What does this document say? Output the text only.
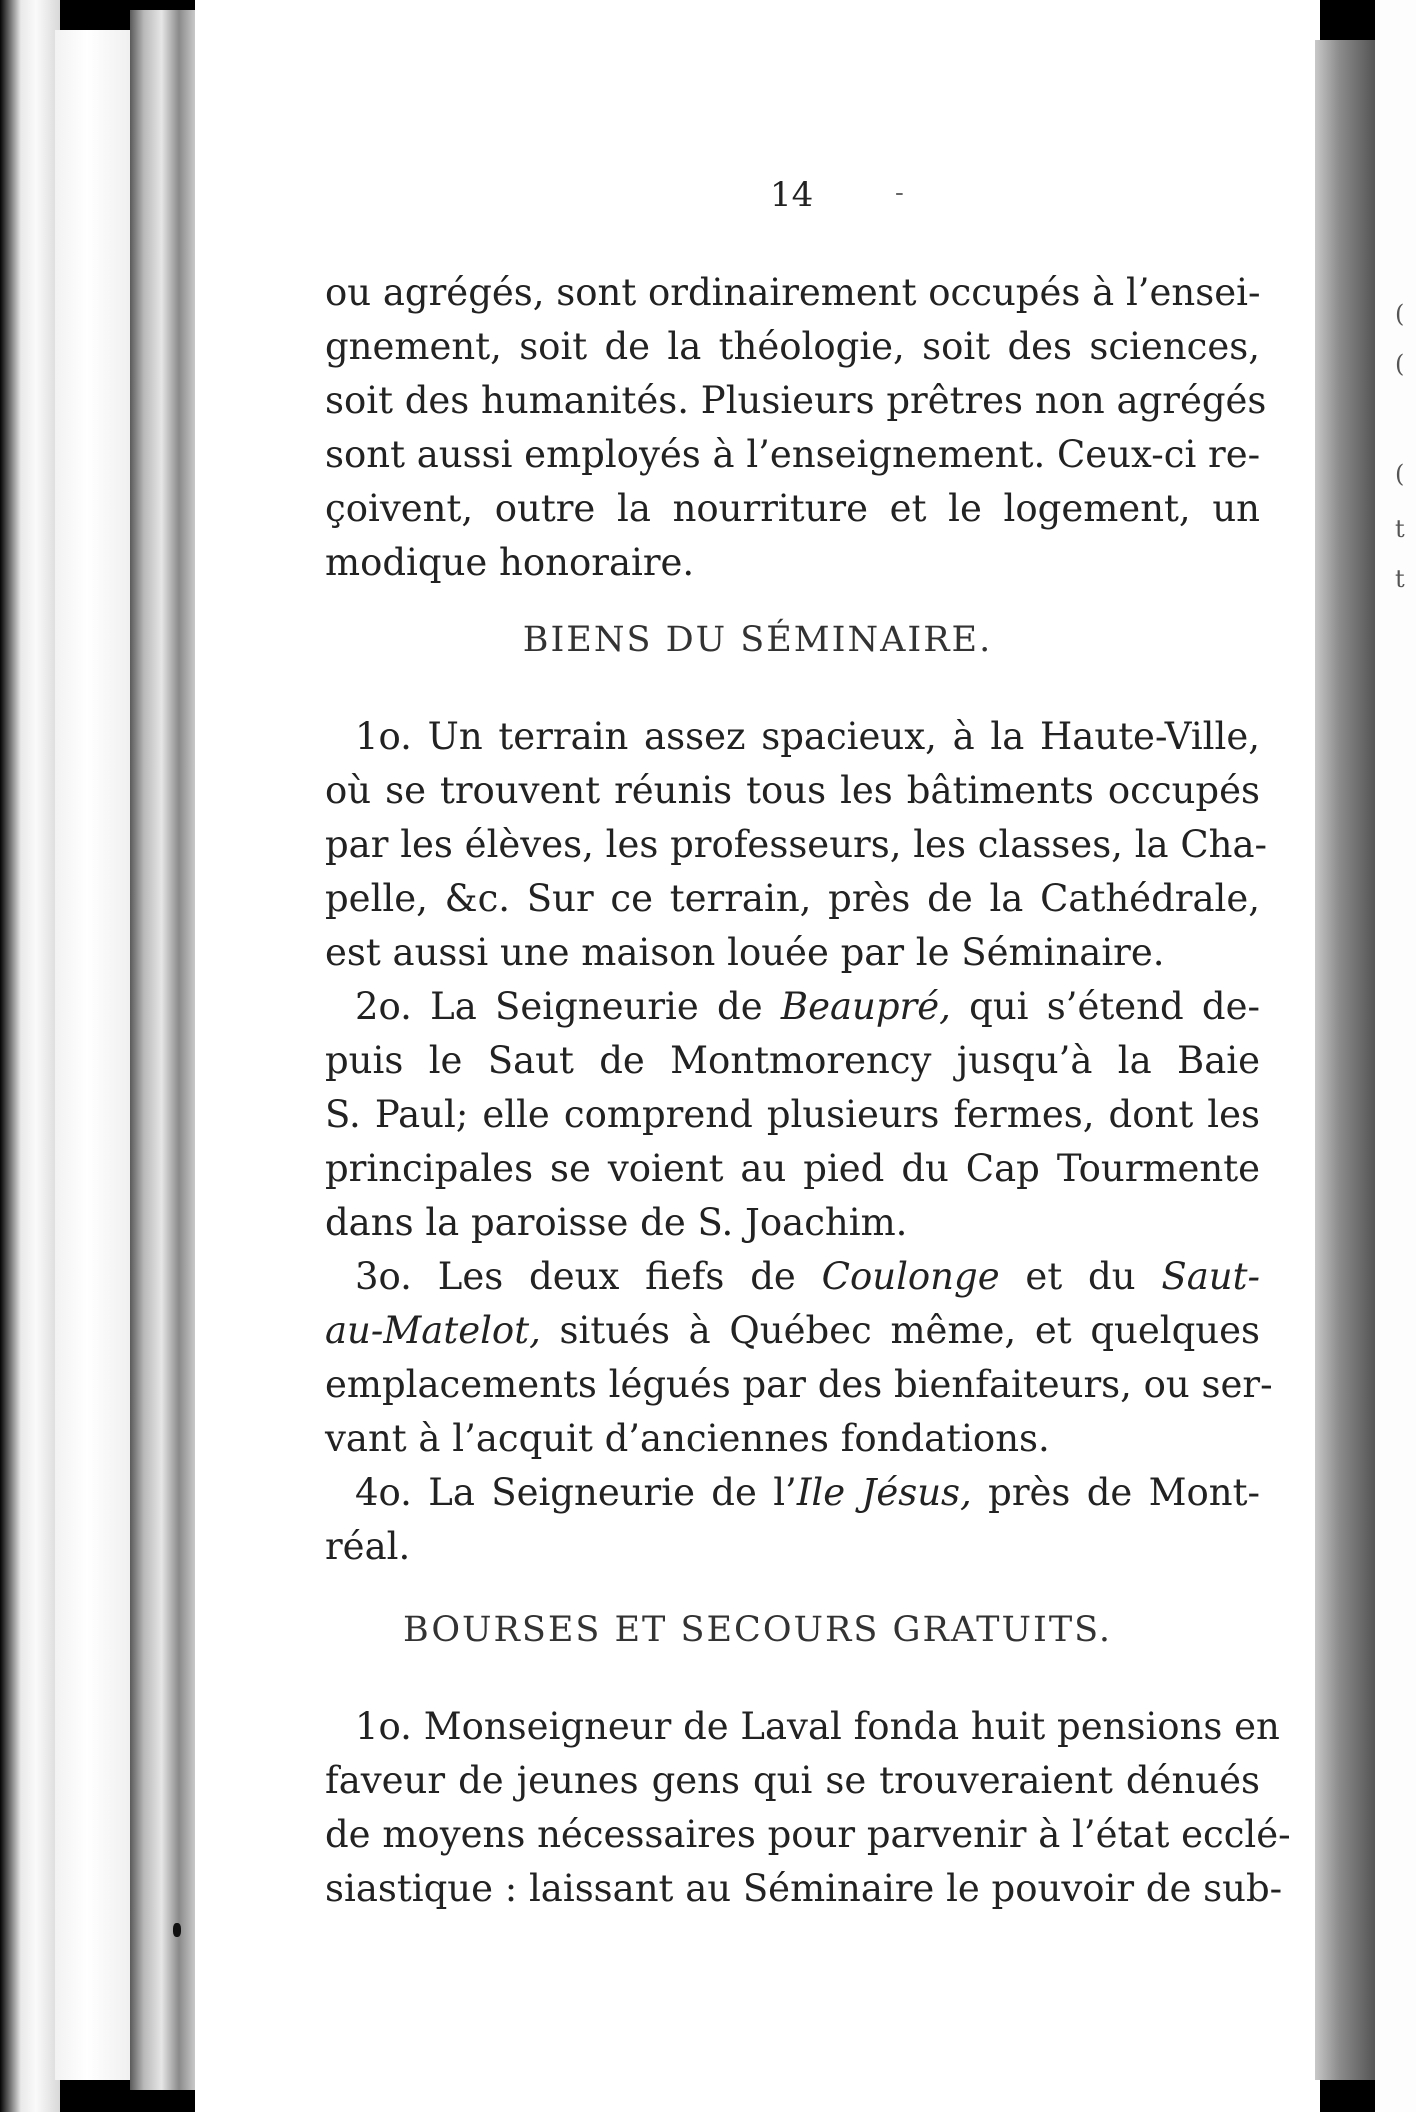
(
(
(
t
t
14	-
ou agrégés, sont ordinairement occupés à l’ensei-
gnement, soit de la théologie, soit des sciences,
soit des humanités. Plusieurs prêtres non agrégés
sont aussi employés à l’enseignement. Ceux-ci re-
çoivent, outre la nourriture et le logement, un
modique honoraire.
BIENS DU SÉMINAIRE.
1o. Un terrain assez spacieux, à la Haute-Ville,
où se trouvent réunis tous les bâtiments occupés
par les élèves, les professeurs, les classes, la Cha-
pelle, &c. Sur ce terrain, près de la Cathédrale,
est aussi une maison louée par le Séminaire.
2o. La Seigneurie de Beaupré, qui s’étend de-
puis le Saut de Montmorency jusqu’à la Baie
S. Paul; elle comprend plusieurs fermes, dont les
principales se voient au pied du Cap Tourmente
dans la paroisse de S. Joachim.
3o. Les deux fiefs de Coulonge et du Saut-
au-Matelot, situés à Québec même, et quelques
emplacements légués par des bienfaiteurs, ou ser-
vant à l’acquit d’anciennes fondations.
4o. La Seigneurie de l’Ile Jésus, près de Mont-
réal.
BOURSES ET SECOURS GRATUITS.
1o. Monseigneur de Laval fonda huit pensions en
faveur de jeunes gens qui se trouveraient dénués
de moyens nécessaires pour parvenir à l’état ecclé-
siastique : laissant au Séminaire le pouvoir de sub-
